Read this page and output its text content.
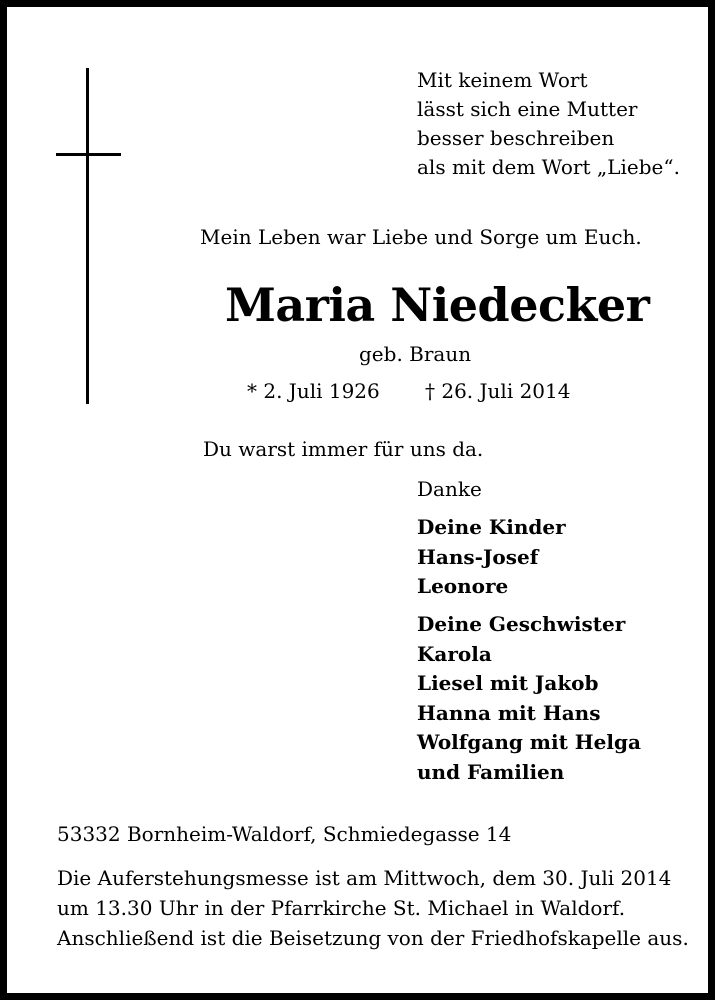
Mit keinem Wort
lässt sich eine Mutter
besser beschreiben
als mit dem Wort „Liebe“.
Mein Leben war Liebe und Sorge um Euch.
Maria Niedecker
geb. Braun
* 2. Juli 1926 † 26. Juli 2014
Du warst immer für uns da.
Danke
Deine Kinder
Hans-Josef
Leonore
Deine Geschwister
Karola
Liesel mit Jakob
Hanna mit Hans
Wolfgang mit Helga
und Familien
53332 Bornheim-Waldorf, Schmiedegasse 14
Die Auferstehungsmesse ist am Mittwoch, dem 30. Juli 2014
um 13.30 Uhr in der Pfarrkirche St. Michael in Waldorf.
Anschließend ist die Beisetzung von der Friedhofskapelle aus.
